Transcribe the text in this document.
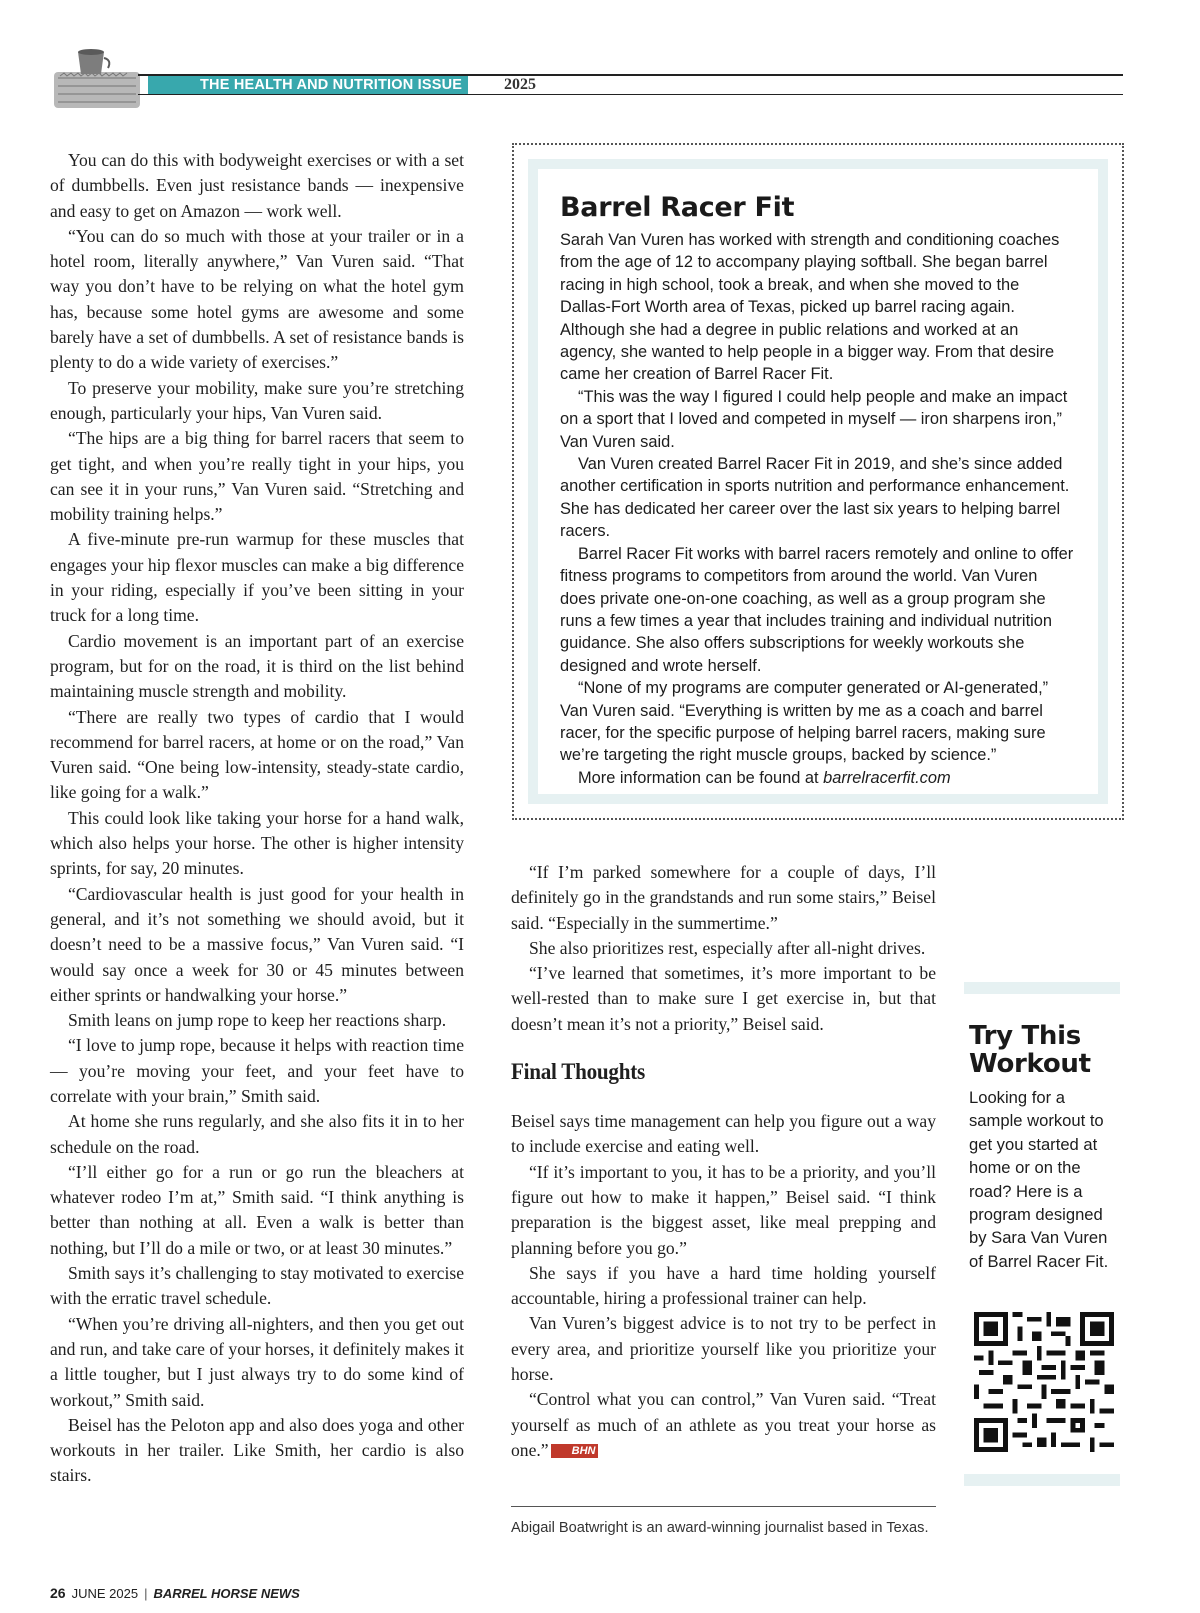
THE HEALTH AND NUTRITION ISSUE	2025

You can do this with bodyweight exercises or with a set of dumbbells. Even just resistance bands — inexpensive and easy to get on Amazon — work well.

“You can do so much with those at your trailer or in a hotel room, literally anywhere,” Van Vuren said. “That way you don’t have to be relying on what the hotel gym has, because some hotel gyms are awesome and some barely have a set of dumbbells. A set of resistance bands is plenty to do a wide variety of exercises.”

To preserve your mobility, make sure you’re stretching enough, particularly your hips, Van Vuren said.

“The hips are a big thing for barrel racers that seem to get tight, and when you’re really tight in your hips, you can see it in your runs,” Van Vuren said. “Stretching and mobility training helps.”

A five-minute pre-run warmup for these muscles that engages your hip flexor muscles can make a big difference in your riding, especially if you’ve been sitting in your truck for a long time.

Cardio movement is an important part of an exercise program, but for on the road, it is third on the list behind maintaining muscle strength and mobility.

“There are really two types of cardio that I would recommend for barrel racers, at home or on the road,” Van Vuren said. “One being low-intensity, steady-state cardio, like going for a walk.”

This could look like taking your horse for a hand walk, which also helps your horse. The other is higher intensity sprints, for say, 20 minutes.

“Cardiovascular health is just good for your health in general, and it’s not something we should avoid, but it doesn’t need to be a massive focus,” Van Vuren said. “I would say once a week for 30 or 45 minutes between either sprints or handwalking your horse.”

Smith leans on jump rope to keep her reactions sharp.

“I love to jump rope, because it helps with reaction time — you’re moving your feet, and your feet have to correlate with your brain,” Smith said.

At home she runs regularly, and she also fits it in to her schedule on the road.

“I’ll either go for a run or go run the bleachers at whatever rodeo I’m at,” Smith said. “I think anything is better than nothing at all. Even a walk is better than nothing, but I’ll do a mile or two, or at least 30 minutes.”

Smith says it’s challenging to stay motivated to exercise with the erratic travel schedule.

“When you’re driving all-nighters, and then you get out and run, and take care of your horses, it definitely makes it a little tougher, but I just always try to do some kind of workout,” Smith said.

Beisel has the Peloton app and also does yoga and other workouts in her trailer. Like Smith, her cardio is also stairs.

Barrel Racer Fit

Sarah Van Vuren has worked with strength and conditioning coaches from the age of 12 to accompany playing softball. She began barrel racing in high school, took a break, and when she moved to the Dallas-Fort Worth area of Texas, picked up barrel racing again. Although she had a degree in public relations and worked at an agency, she wanted to help people in a bigger way. From that desire came her creation of Barrel Racer Fit.

“This was the way I figured I could help people and make an impact on a sport that I loved and competed in myself — iron sharpens iron,” Van Vuren said.

Van Vuren created Barrel Racer Fit in 2019, and she’s since added another certification in sports nutrition and performance enhancement. She has dedicated her career over the last six years to helping barrel racers.

Barrel Racer Fit works with barrel racers remotely and online to offer fitness programs to competitors from around the world. Van Vuren does private one-on-one coaching, as well as a group program she runs a few times a year that includes training and individual nutrition guidance. She also offers subscriptions for weekly workouts she designed and wrote herself.

“None of my programs are computer generated or AI-generated,” Van Vuren said. “Everything is written by me as a coach and barrel racer, for the specific purpose of helping barrel racers, making sure we’re targeting the right muscle groups, backed by science.”

More information can be found at barrelracerfit.com

“If I’m parked somewhere for a couple of days, I’ll definitely go in the grandstands and run some stairs,” Beisel said. “Especially in the summertime.”

She also prioritizes rest, especially after all-night drives.

“I’ve learned that sometimes, it’s more important to be well-rested than to make sure I get exercise in, but that doesn’t mean it’s not a priority,” Beisel said.

Final Thoughts

Beisel says time management can help you figure out a way to include exercise and eating well.

“If it’s important to you, it has to be a priority, and you’ll figure out how to make it happen,” Beisel said. “I think preparation is the biggest asset, like meal prepping and planning before you go.”

She says if you have a hard time holding yourself accountable, hiring a professional trainer can help.

Van Vuren’s biggest advice is to not try to be perfect in every area, and prioritize yourself like you prioritize your horse.

“Control what you can control,” Van Vuren said. “Treat yourself as much of an athlete as you treat your horse as one.” BHN

Abigail Boatwright is an award-winning journalist based in Texas.
Try This Workout

Looking for a sample workout to get you started at home or on the road? Here is a program designed by Sara Van Vuren of Barrel Racer Fit.

26 JUNE 2025 | BARREL HORSE NEWS
